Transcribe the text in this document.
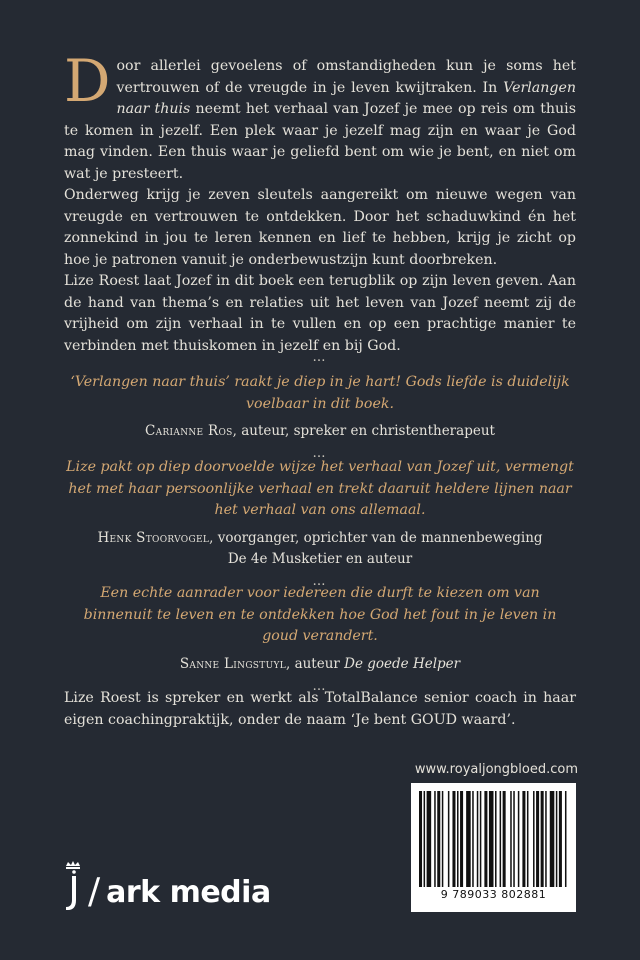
Door allerlei gevoelens of omstandigheden kun je soms het vertrouwen of de vreugde in je leven kwijtraken. In Verlangen naar thuis neemt het verhaal van Jozef je mee op reis om thuis te komen in jezelf. Een plek waar je jezelf mag zijn en waar je God mag vinden. Een thuis waar je geliefd bent om wie je bent, en niet om wat je presteert.

Onderweg krijg je zeven sleutels aangereikt om nieuwe wegen van vreugde en vertrouwen te ontdekken. Door het schaduwkind én het zonnekind in jou te leren kennen en lief te hebben, krijg je zicht op hoe je patronen vanuit je onderbewustzijn kunt doorbreken.

Lize Roest laat Jozef in dit boek een terugblik op zijn leven geven. Aan de hand van thema’s en relaties uit het leven van Jozef neemt zij de vrijheid om zijn verhaal in te vullen en op een prachtige manier te verbinden met thuiskomen in jezelf en bij God.

…
‘Verlangen naar thuis’ raakt je diep in je hart! Gods liefde is duidelijk voelbaar in dit boek.
Carianne Ros, auteur, spreker en christentherapeut
…
Lize pakt op diep doorvoelde wijze het verhaal van Jozef uit, vermengt het met haar persoonlijke verhaal en trekt daaruit heldere lijnen naar het verhaal van ons allemaal.
Henk Stoorvogel, voorganger, oprichter van de mannenbeweging
De 4e Musketier en auteur
…
Een echte aanrader voor iedereen die durft te kiezen om van binnenuit te leven en te ontdekken hoe God het fout in je leven in goud verandert.
Sanne Lingstuyl, auteur De goede Helper
…
Lize Roest is spreker en werkt als TotalBalance senior coach in haar eigen coachingpraktijk, onder de naam ‘Je bent GOUD waard’.
www.royaljongbloed.com
9 789033 802881
/ ark media
